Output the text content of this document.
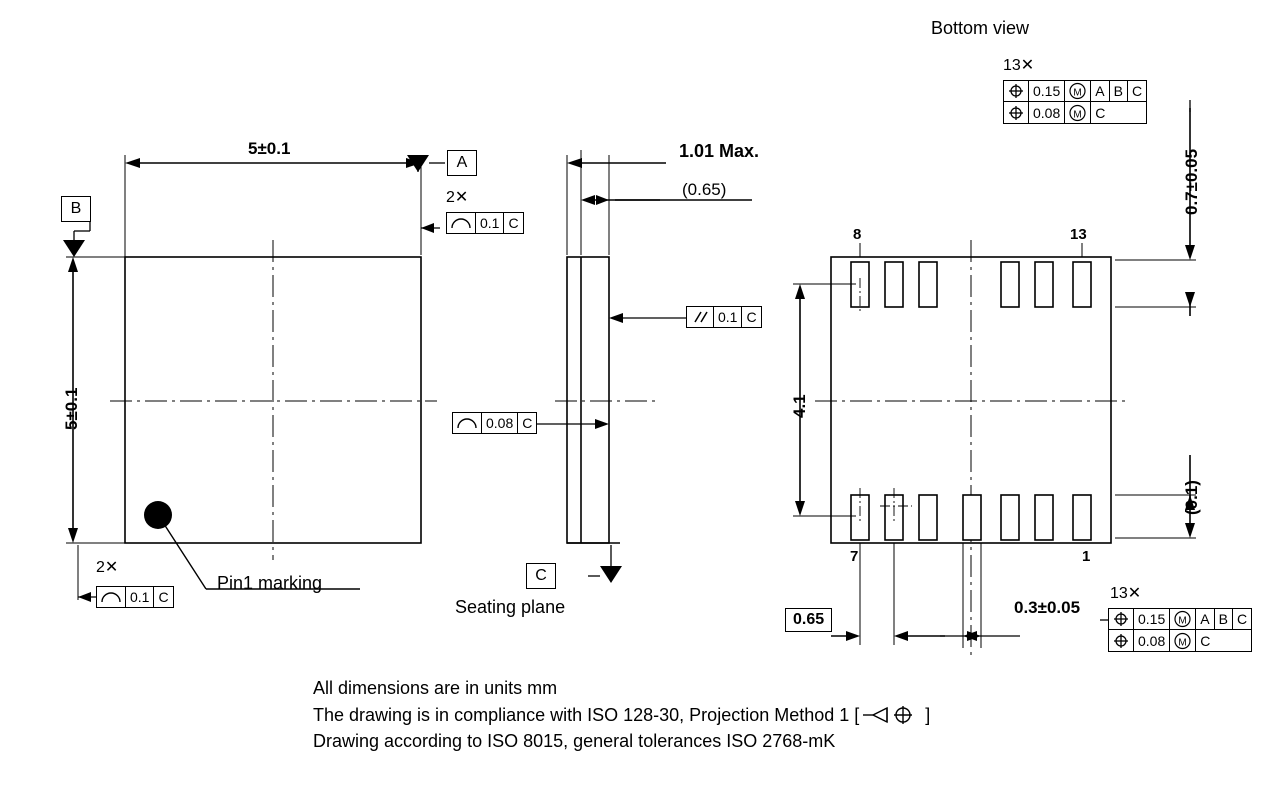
5±0.1
5±0.1
A
B
2✕
0.1 C
2✕
0.1 C
Pin1 marking
1.01 Max.
(0.65)
0.1 C
0.08 C
C
Seating plane
Bottom view
13✕
0.15	M A B C
0.08	M C
0.7±0.05
(0.1)
4.1
8	13
7	1
0.65
0.3±0.05
13✕
0.15	M A B C
0.08	M C
All dimensions are in units mm
The drawing is in compliance with ISO 128-30, Projection Method 1 [	]
Drawing according to ISO 8015, general tolerances ISO 2768-mK
